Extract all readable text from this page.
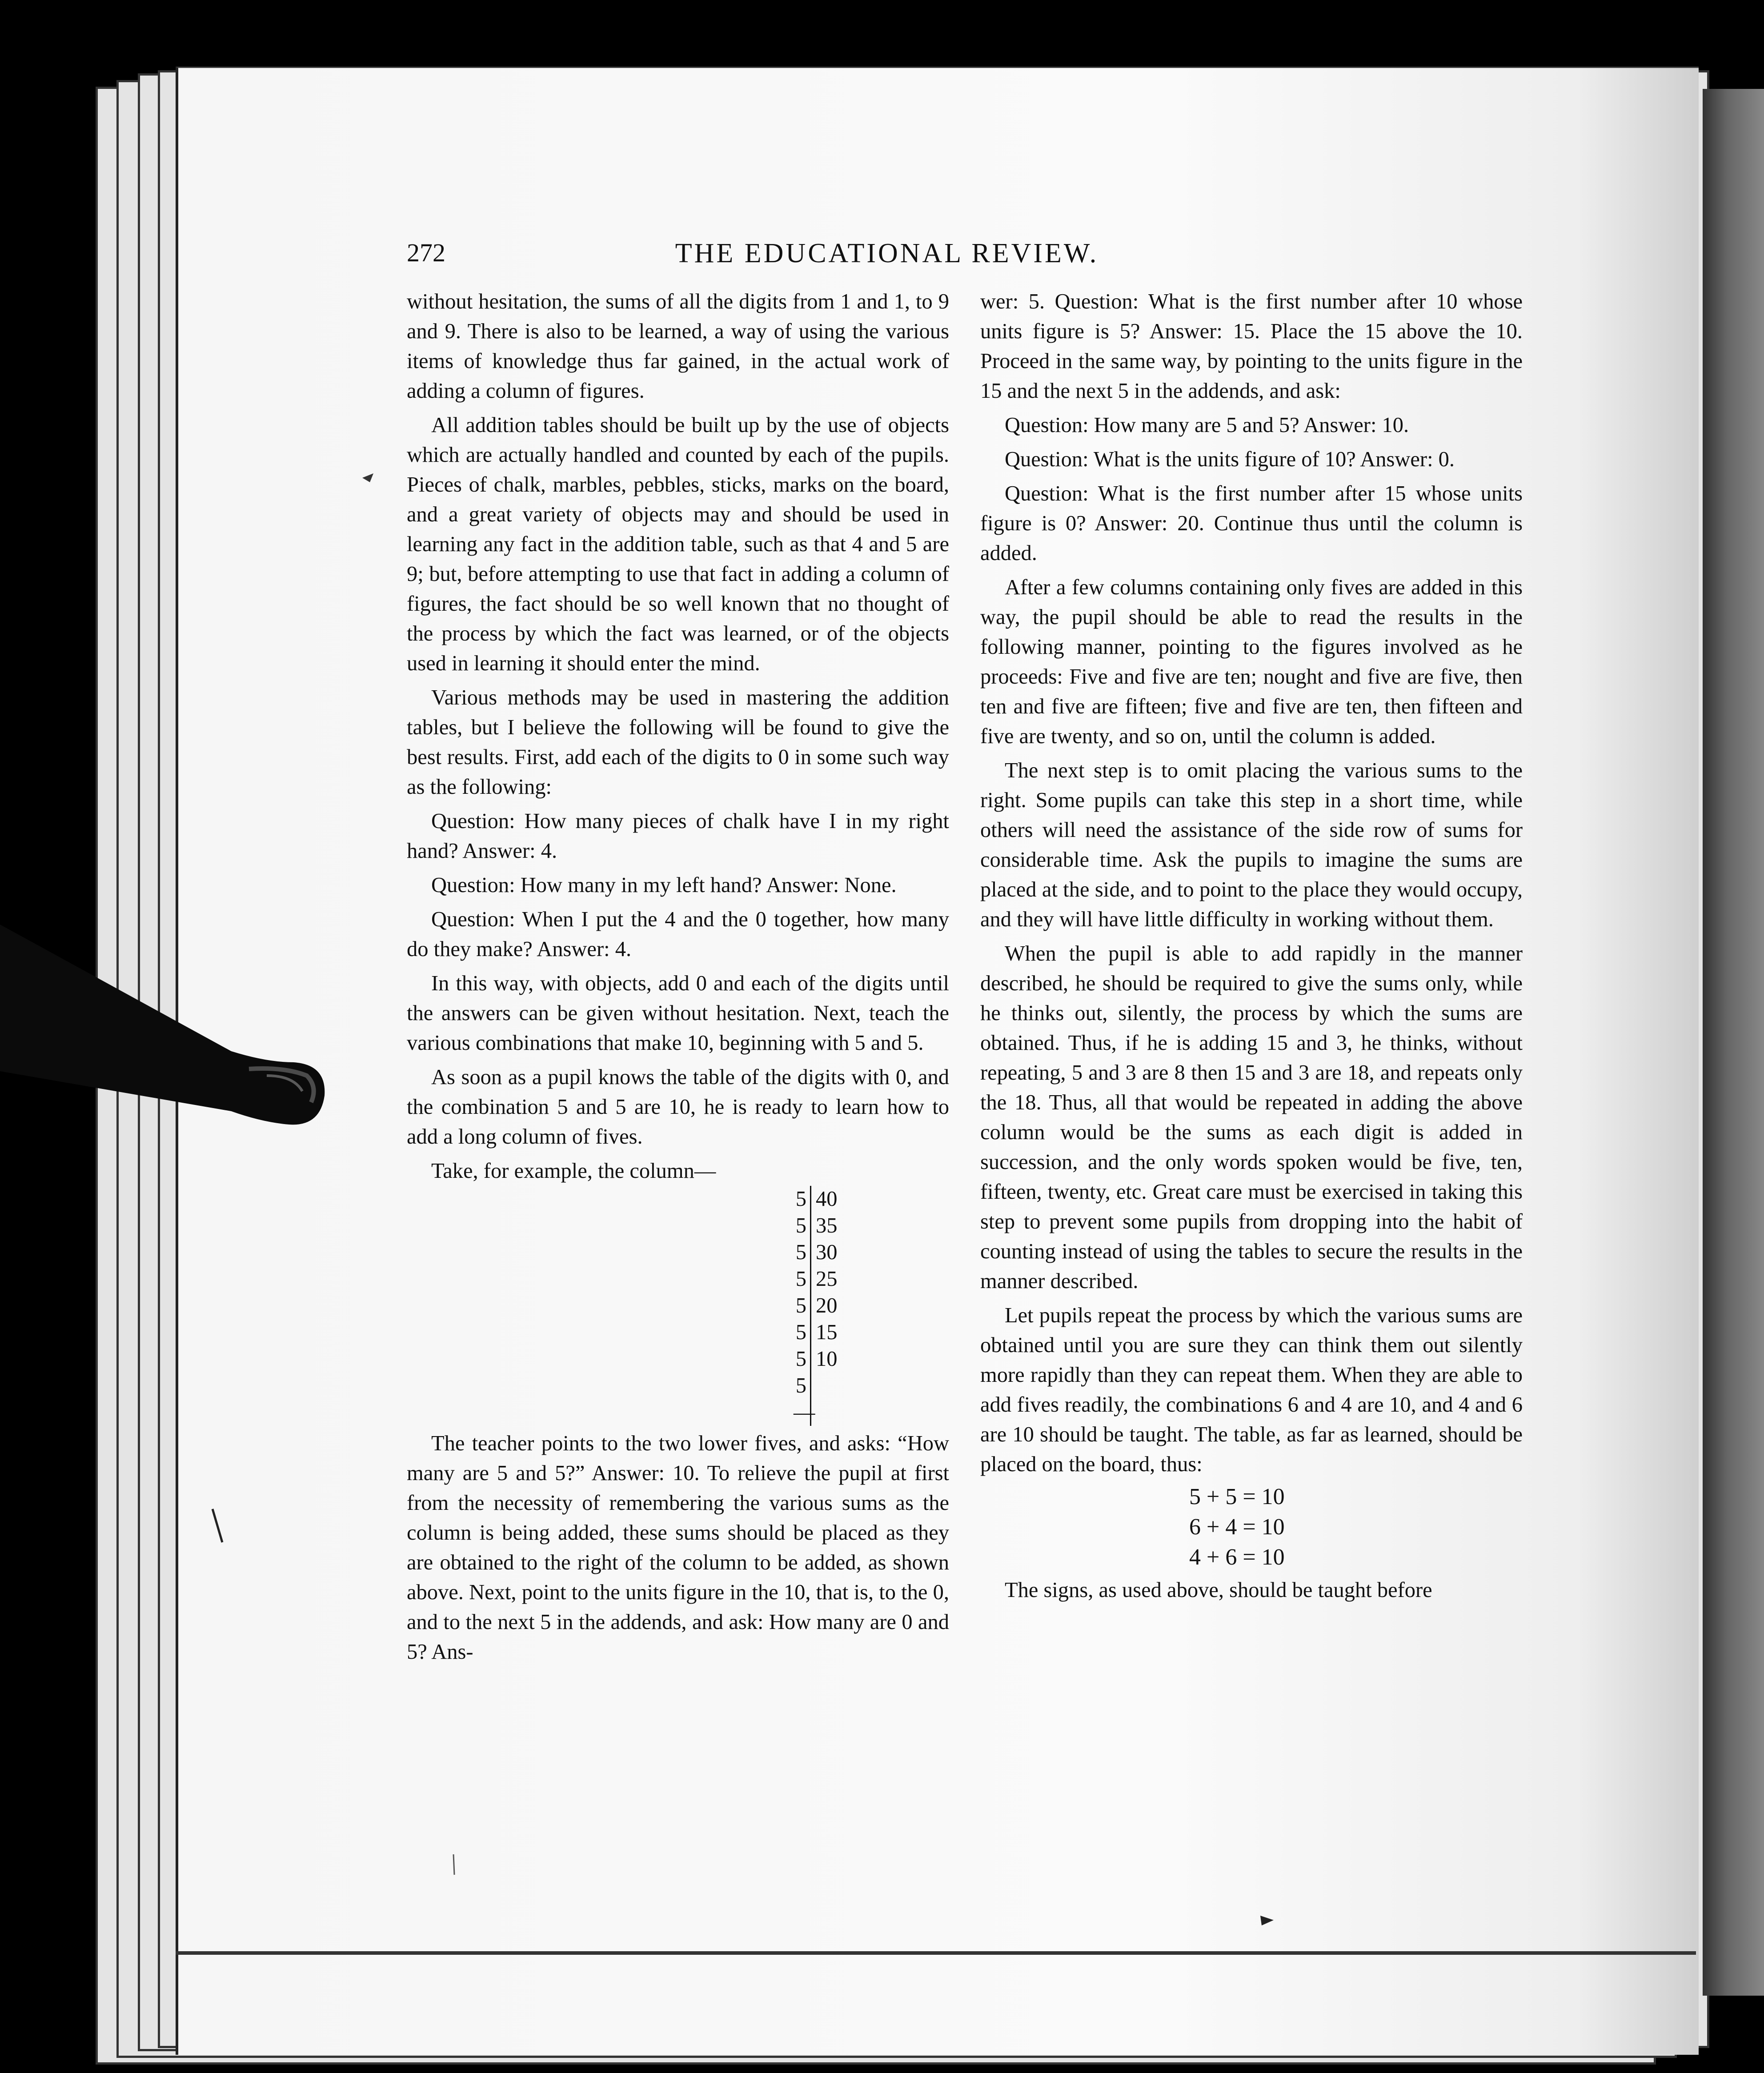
272	THE EDUCATIONAL REVIEW.

without hesitation, the sums of all the digits from 1 and 1, to 9 and 9. There is also to be learned, a way of using the various items of knowledge thus far gained, in the actual work of adding a column of figures.

All addition tables should be built up by the use of objects which are actually handled and counted by each of the pupils. Pieces of chalk, marbles, pebbles, sticks, marks on the board, and a great variety of objects may and should be used in learning any fact in the addition table, such as that 4 and 5 are 9; but, before attempting to use that fact in adding a column of figures, the fact should be so well known that no thought of the process by which the fact was learned, or of the objects used in learning it should enter the mind.

Various methods may be used in mastering the addition tables, but I believe the following will be found to give the best results. First, add each of the digits to 0 in some such way as the following:

Question: How many pieces of chalk have I in my right hand? Answer: 4.

Question: How many in my left hand? Answer: None.

Question: When I put the 4 and the 0 together, how many do they make? Answer: 4.

In this way, with objects, add 0 and each of the digits until the answers can be given without hesitation. Next, teach the various combinations that make 10, beginning with 5 and 5.

As soon as a pupil knows the table of the digits with 0, and the combination 5 and 5 are 10, he is ready to learn how to add a long column of fives.

Take, for example, the column—

5 40
5 35
5 30
5 25
5 20
5 15
5 10
5
—

The teacher points to the two lower fives, and asks: “How many are 5 and 5?” Answer: 10. To relieve the pupil at first from the necessity of remembering the various sums as the column is being added, these sums should be placed as they are obtained to the right of the column to be added, as shown above. Next, point to the units figure in the 10, that is, to the 0, and to the next 5 in the addends, and ask: How many are 0 and 5? Ans-

wer: 5. Question: What is the first number after 10 whose units figure is 5? Answer: 15. Place the 15 above the 10. Proceed in the same way, by pointing to the units figure in the 15 and the next 5 in the addends, and ask:

Question: How many are 5 and 5? Answer: 10.

Question: What is the units figure of 10? Answer: 0.

Question: What is the first number after 15 whose units figure is 0? Answer: 20. Continue thus until the column is added.

After a few columns containing only fives are added in this way, the pupil should be able to read the results in the following manner, pointing to the figures involved as he proceeds: Five and five are ten; nought and five are five, then ten and five are fifteen; five and five are ten, then fifteen and five are twenty, and so on, until the column is added.

The next step is to omit placing the various sums to the right. Some pupils can take this step in a short time, while others will need the assistance of the side row of sums for considerable time. Ask the pupils to imagine the sums are placed at the side, and to point to the place they would occupy, and they will have little difficulty in working without them.

When the pupil is able to add rapidly in the manner described, he should be required to give the sums only, while he thinks out, silently, the process by which the sums are obtained. Thus, if he is adding 15 and 3, he thinks, without repeating, 5 and 3 are 8 then 15 and 3 are 18, and repeats only the 18. Thus, all that would be repeated in adding the above column would be the sums as each digit is added in succession, and the only words spoken would be five, ten, fifteen, twenty, etc. Great care must be exercised in taking this step to prevent some pupils from dropping into the habit of counting instead of using the tables to secure the results in the manner described.

Let pupils repeat the process by which the various sums are obtained until you are sure they can think them out silently more rapidly than they can repeat them. When they are able to add fives readily, the combinations 6 and 4 are 10, and 4 and 6 are 10 should be taught. The table, as far as learned, should be placed on the board, thus:

5 + 5 = 10
6 + 4 = 10
4 + 6 = 10

The signs, as used above, should be taught before
